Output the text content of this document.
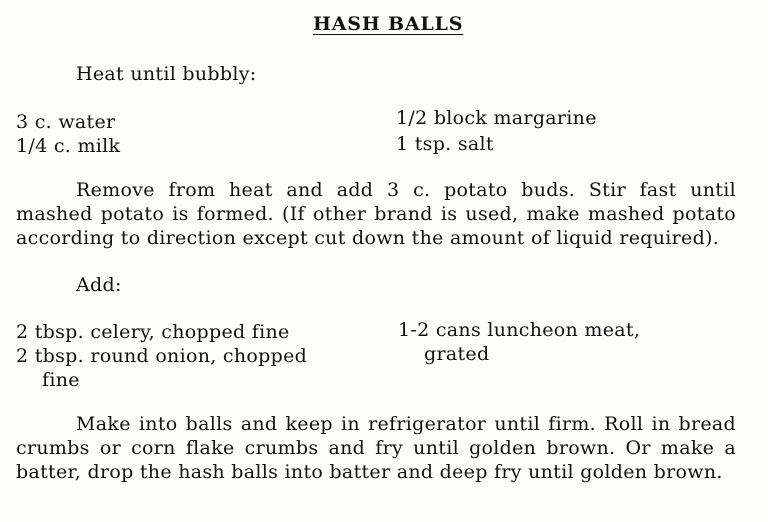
HASH BALLS
Heat until bubbly:
3 c. water
1/4 c. milk
1/2 block margarine
1 tsp. salt
Remove from heat and add 3 c. potato buds. Stir fast until mashed potato is formed. (If other brand is used, make mashed potato according to direction except cut down the amount of liquid required).
Add:
2 tbsp. celery, chopped fine
2 tbsp. round onion, chopped
fine
1-2 cans luncheon meat,
grated
Make into balls and keep in refrigerator until firm. Roll in bread crumbs or corn flake crumbs and fry until golden brown. Or make a batter, drop the hash balls into batter and deep fry until golden brown.
